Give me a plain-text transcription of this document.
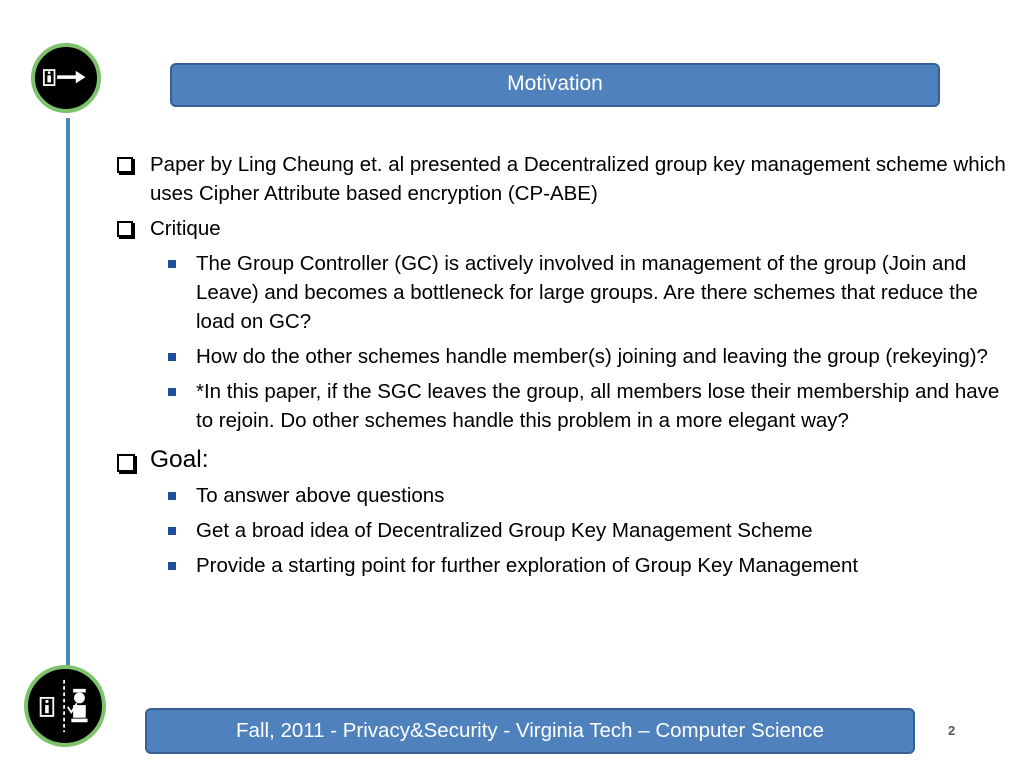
Motivation
Paper by Ling Cheung et. al presented a Decentralized group key management scheme which uses Cipher Attribute based encryption (CP-ABE)
Critique
The Group Controller (GC) is actively involved in management of the group (Join and Leave) and becomes a bottleneck for large groups. Are there schemes that reduce the load on GC?
How do the other schemes handle member(s) joining and leaving the group (rekeying)?
*In this paper, if the SGC leaves the group, all members lose their membership and have to rejoin. Do other schemes handle this problem in a more elegant way?
Goal:
To answer above questions
Get a broad idea of Decentralized Group Key Management Scheme
Provide a starting point for further exploration of Group Key Management
Fall, 2011 - Privacy&Security - Virginia Tech – Computer Science	2
